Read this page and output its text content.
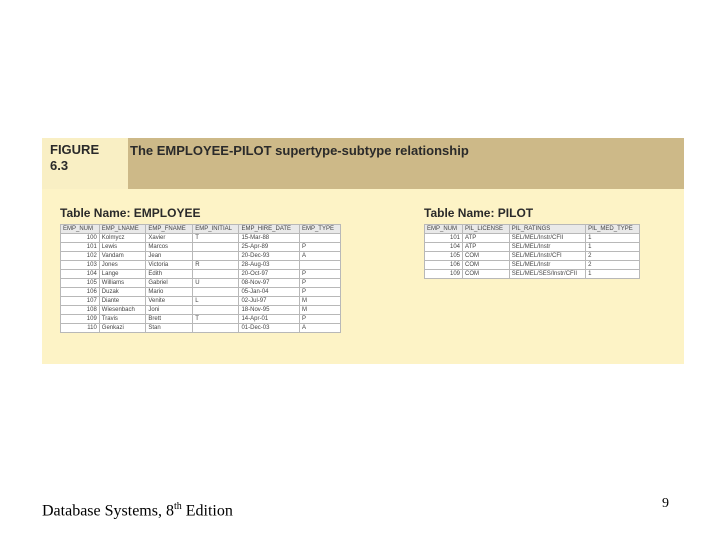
FIGURE
6.3
The EMPLOYEE-PILOT supertype-subtype relationship
Table Name: EMPLOYEE
EMP_NUM	EMP_LNAME	EMP_FNAME	EMP_INITIAL	EMP_HIRE_DATE	EMP_TYPE
100	Kolmycz	Xavier	T	15-Mar-88	
101	Lewis	Marcos		25-Apr-89	P
102	Vandam	Jean		20-Dec-93	A
103	Jones	Victoria	R	28-Aug-03	
104	Lange	Edith		20-Oct-97	P
105	Williams	Gabriel	U	08-Nov-97	P
106	Duzak	Mario		05-Jan-04	P
107	Diante	Venite	L	02-Jul-97	M
108	Wiesenbach	Joni		18-Nov-95	M
109	Travis	Brett	T	14-Apr-01	P
110	Genkazi	Stan		01-Dec-03	A
Table Name: PILOT
EMP_NUM	PIL_LICENSE	PIL_RATINGS	PIL_MED_TYPE
101	ATP	SEL/MEL/Instr/CFII	1
104	ATP	SEL/MEL/Instr	1
105	COM	SEL/MEL/Instr/CFI	2
106	COM	SEL/MEL/Instr	2
109	COM	SEL/MEL/SES/Instr/CFII	1
Database Systems, 8th Edition	9
